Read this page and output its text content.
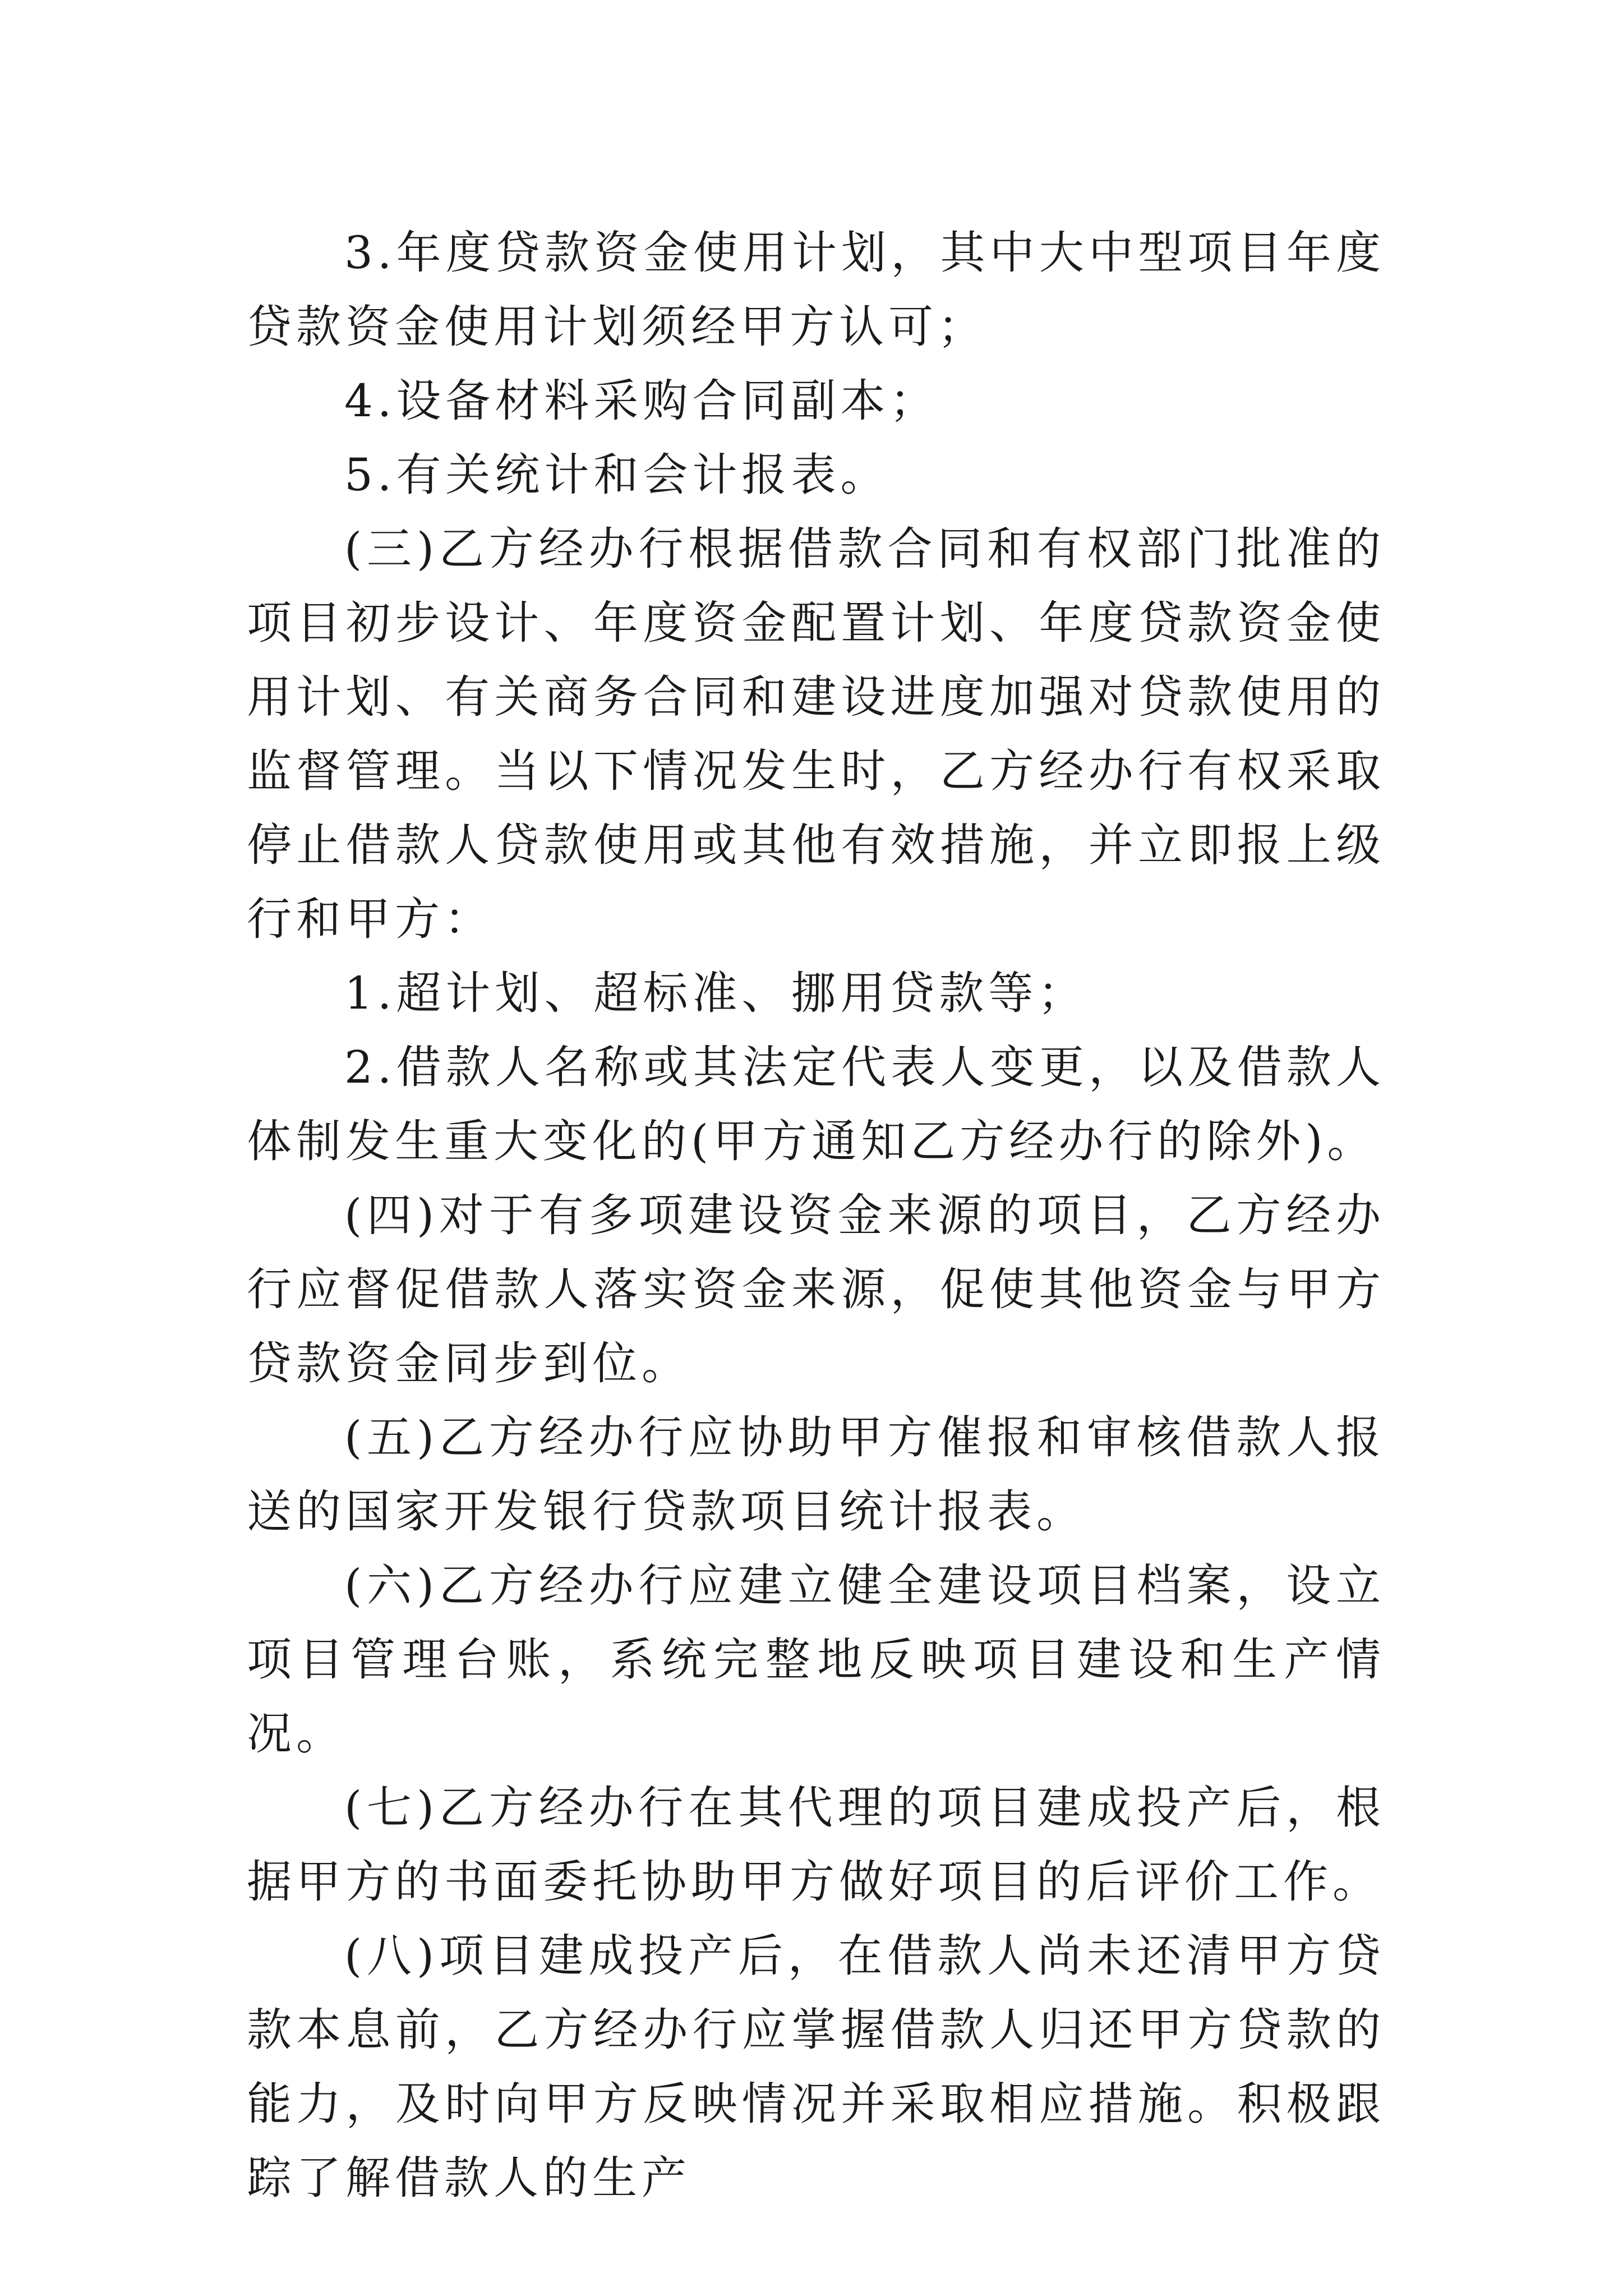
3.年度贷款资金使用计划，其中大中型项目年度贷款资金使用计划须经甲方认可；

4.设备材料采购合同副本；

5.有关统计和会计报表。

(三)乙方经办行根据借款合同和有权部门批准的项目初步设计、年度资金配置计划、年度贷款资金使用计划、有关商务合同和建设进度加强对贷款使用的监督管理。当以下情况发生时，乙方经办行有权采取停止借款人贷款使用或其他有效措施，并立即报上级行和甲方：

1.超计划、超标准、挪用贷款等；

2.借款人名称或其法定代表人变更，以及借款人体制发生重大变化的(甲方通知乙方经办行的除外)。

(四)对于有多项建设资金来源的项目，乙方经办行应督促借款人落实资金来源，促使其他资金与甲方贷款资金同步到位。

(五)乙方经办行应协助甲方催报和审核借款人报送的国家开发银行贷款项目统计报表。

(六)乙方经办行应建立健全建设项目档案，设立项目管理台账，系统完整地反映项目建设和生产情况。

(七)乙方经办行在其代理的项目建成投产后，根据甲方的书面委托协助甲方做好项目的后评价工作。

(八)项目建成投产后，在借款人尚未还清甲方贷款本息前，乙方经办行应掌握借款人归还甲方贷款的能力，及时向甲方反映情况并采取相应措施。积极跟踪了解借款人的生产
